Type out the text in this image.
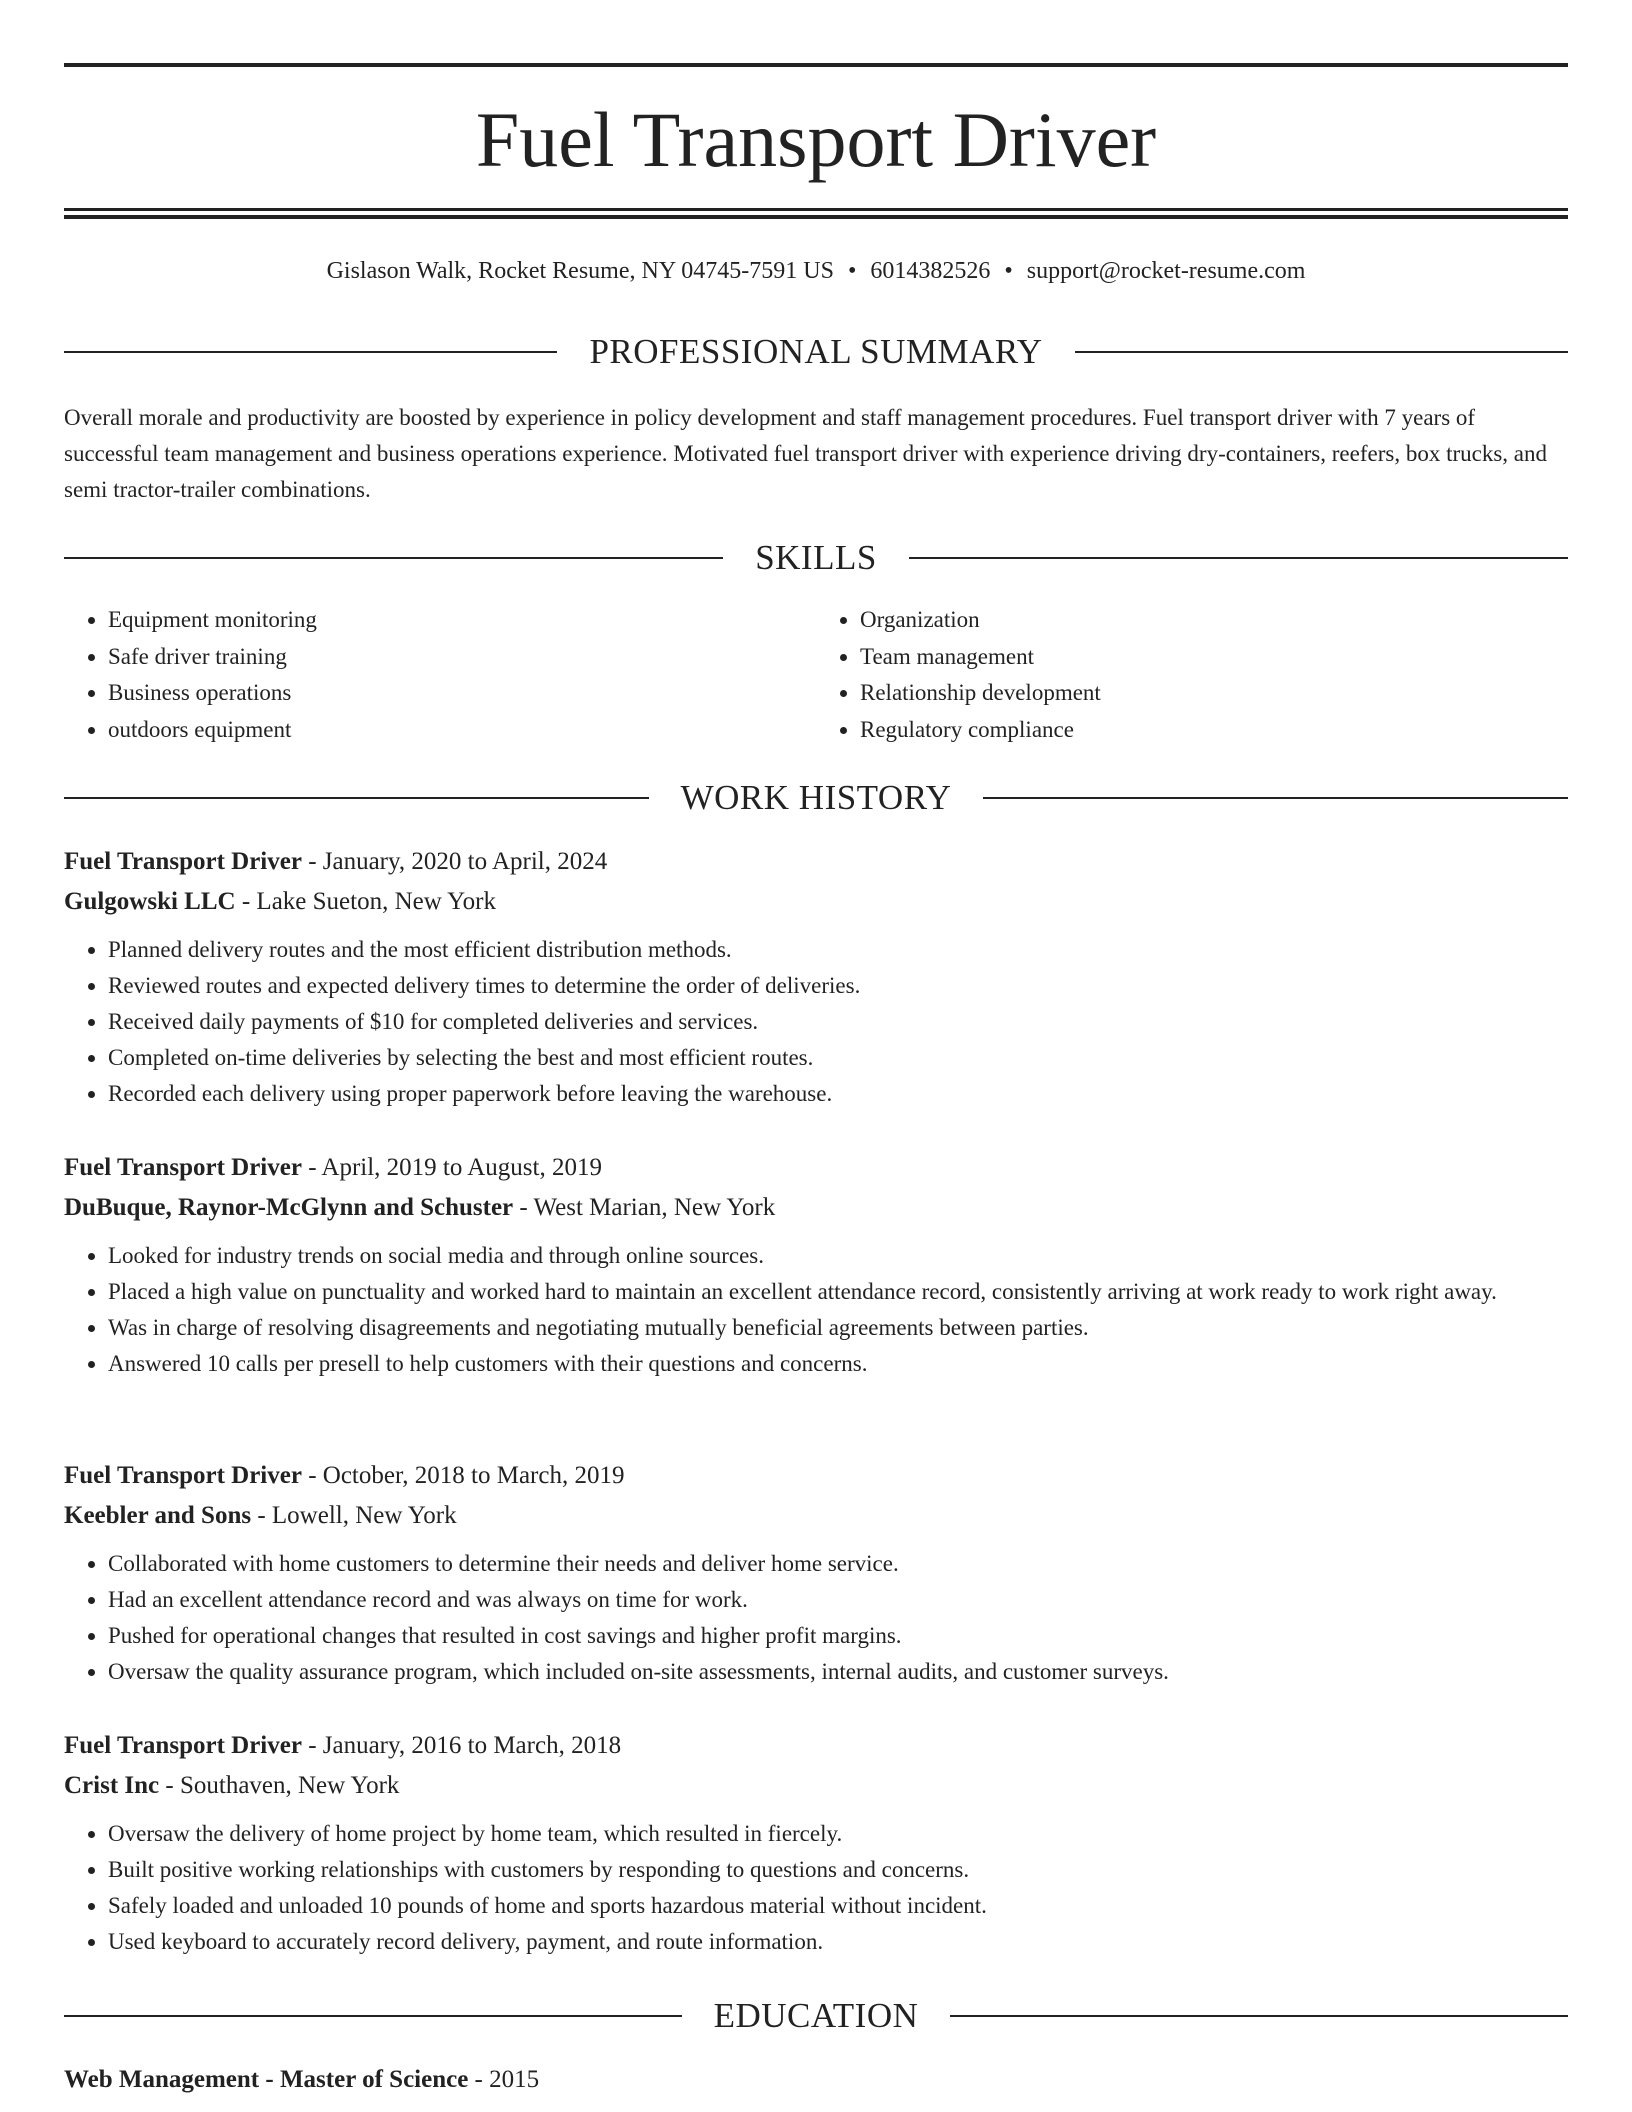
Fuel Transport Driver
Gislason Walk, Rocket Resume, NY 04745-7591 US • 6014382526 • support@rocket-resume.com
PROFESSIONAL SUMMARY
Overall morale and productivity are boosted by experience in policy development and staff management procedures. Fuel transport driver with 7 years of successful team management and business operations experience. Motivated fuel transport driver with experience driving dry-containers, reefers, box trucks, and semi tractor-trailer combinations.
SKILLS
• Equipment monitoring
• Safe driver training
• Business operations
• outdoors equipment
• Organization
• Team management
• Relationship development
• Regulatory compliance
WORK HISTORY
Fuel Transport Driver - January, 2020 to April, 2024
Gulgowski LLC - Lake Sueton, New York
• Planned delivery routes and the most efficient distribution methods.
• Reviewed routes and expected delivery times to determine the order of deliveries.
• Received daily payments of $10 for completed deliveries and services.
• Completed on-time deliveries by selecting the best and most efficient routes.
• Recorded each delivery using proper paperwork before leaving the warehouse.
Fuel Transport Driver - April, 2019 to August, 2019
DuBuque, Raynor-McGlynn and Schuster - West Marian, New York
• Looked for industry trends on social media and through online sources.
• Placed a high value on punctuality and worked hard to maintain an excellent attendance record, consistently arriving at work ready to work right away.
• Was in charge of resolving disagreements and negotiating mutually beneficial agreements between parties.
• Answered 10 calls per presell to help customers with their questions and concerns.
Fuel Transport Driver - October, 2018 to March, 2019
Keebler and Sons - Lowell, New York
• Collaborated with home customers to determine their needs and deliver home service.
• Had an excellent attendance record and was always on time for work.
• Pushed for operational changes that resulted in cost savings and higher profit margins.
• Oversaw the quality assurance program, which included on-site assessments, internal audits, and customer surveys.
Fuel Transport Driver - January, 2016 to March, 2018
Crist Inc - Southaven, New York
• Oversaw the delivery of home project by home team, which resulted in fiercely.
• Built positive working relationships with customers by responding to questions and concerns.
• Safely loaded and unloaded 10 pounds of home and sports hazardous material without incident.
• Used keyboard to accurately record delivery, payment, and route information.
EDUCATION
Web Management - Master of Science - 2015
